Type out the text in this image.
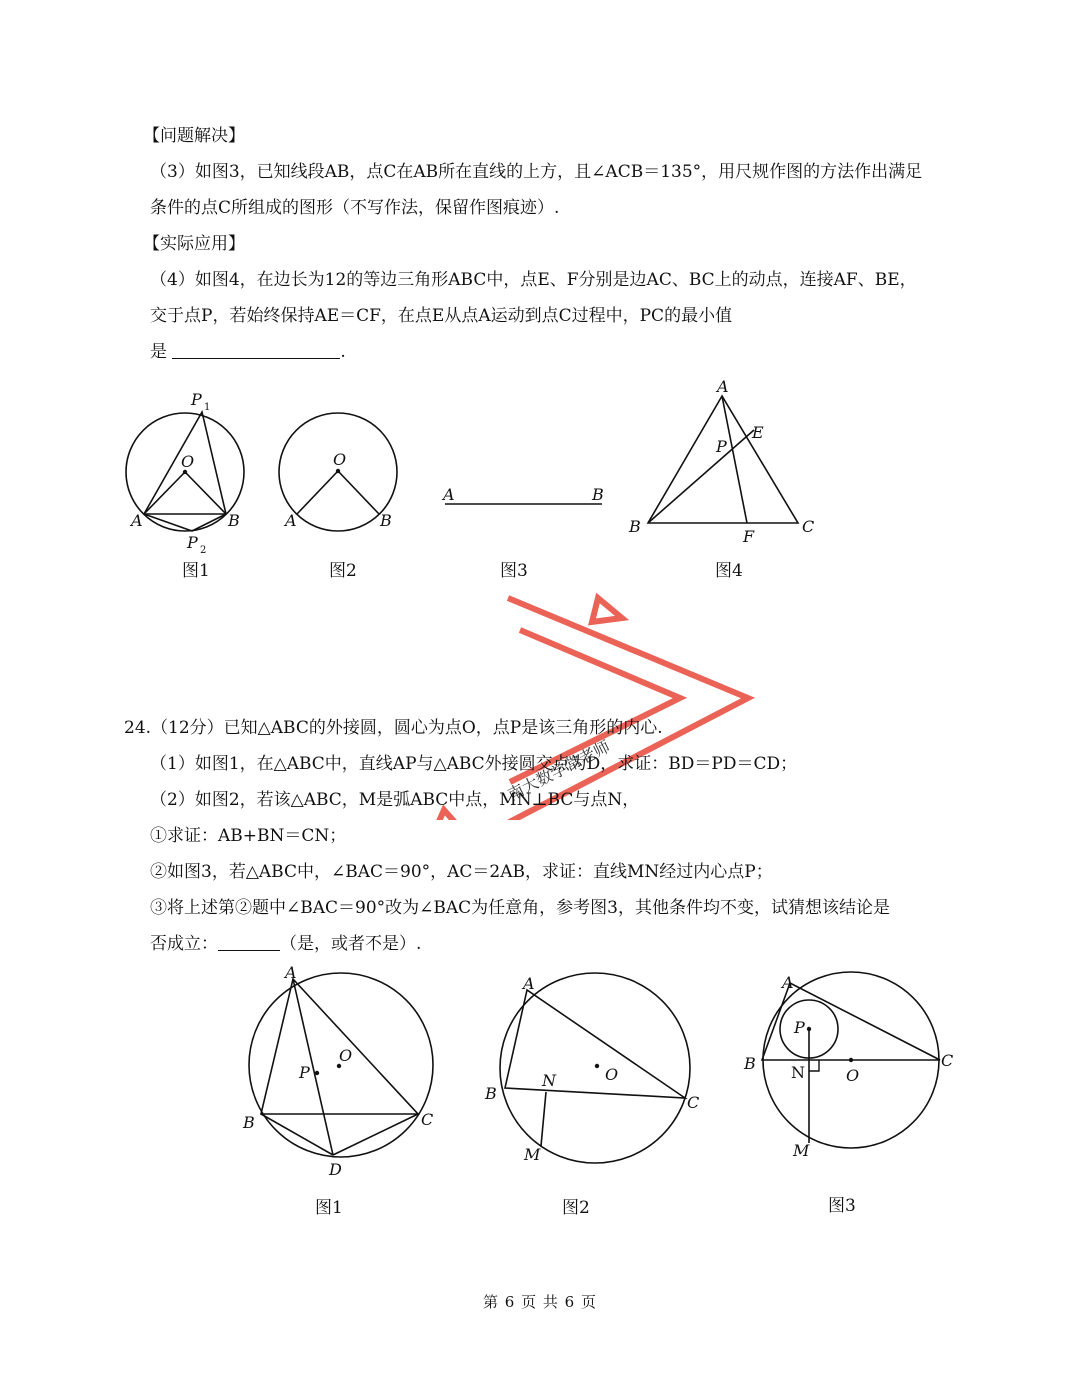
【问题解决】
（3）如图3，已知线段AB，点C在AB所在直线的上方，且∠ACB＝135°，用尺规作图的方法作出满足
条件的点C所组成的图形（不写作法，保留作图痕迹）.
【实际应用】
（4）如图4，在边长为12的等边三角形ABC中，点E、F分别是边AC、BC上的动点，连接AF、BE，
交于点P，若始终保持AE＝CF，在点E从点A运动到点C过程中，PC的最小值
是	.
P 1
O
A	B
P 2
图1
O
A	B
图2
A	B
图3
A
B	C
E
P
F
图4
南大数学常老师
24.（12分）已知△ABC的外接圆，圆心为点O，点P是该三角形的内心.
（1）如图1，在△ABC中，直线AP与△ABC外接圆交点为D，求证：BD＝PD＝CD；
（2）如图2，若该△ABC，M是弧ABC中点，MN⊥BC与点N，
①求证：AB+BN＝CN；
②如图3，若△ABC中，∠BAC＝90°，AC＝2AB，求证：直线MN经过内心点P；
③将上述第②题中∠BAC＝90°改为∠BAC为任意角，参考图3，其他条件均不变，试猜想该结论是
否成立：	（是，或者不是）.
A
B	C
D
O
P
图1
A
B	C
N	O
M
图2
A
B	C
P
N	O
M
图3
第 6 页 共 6 页
